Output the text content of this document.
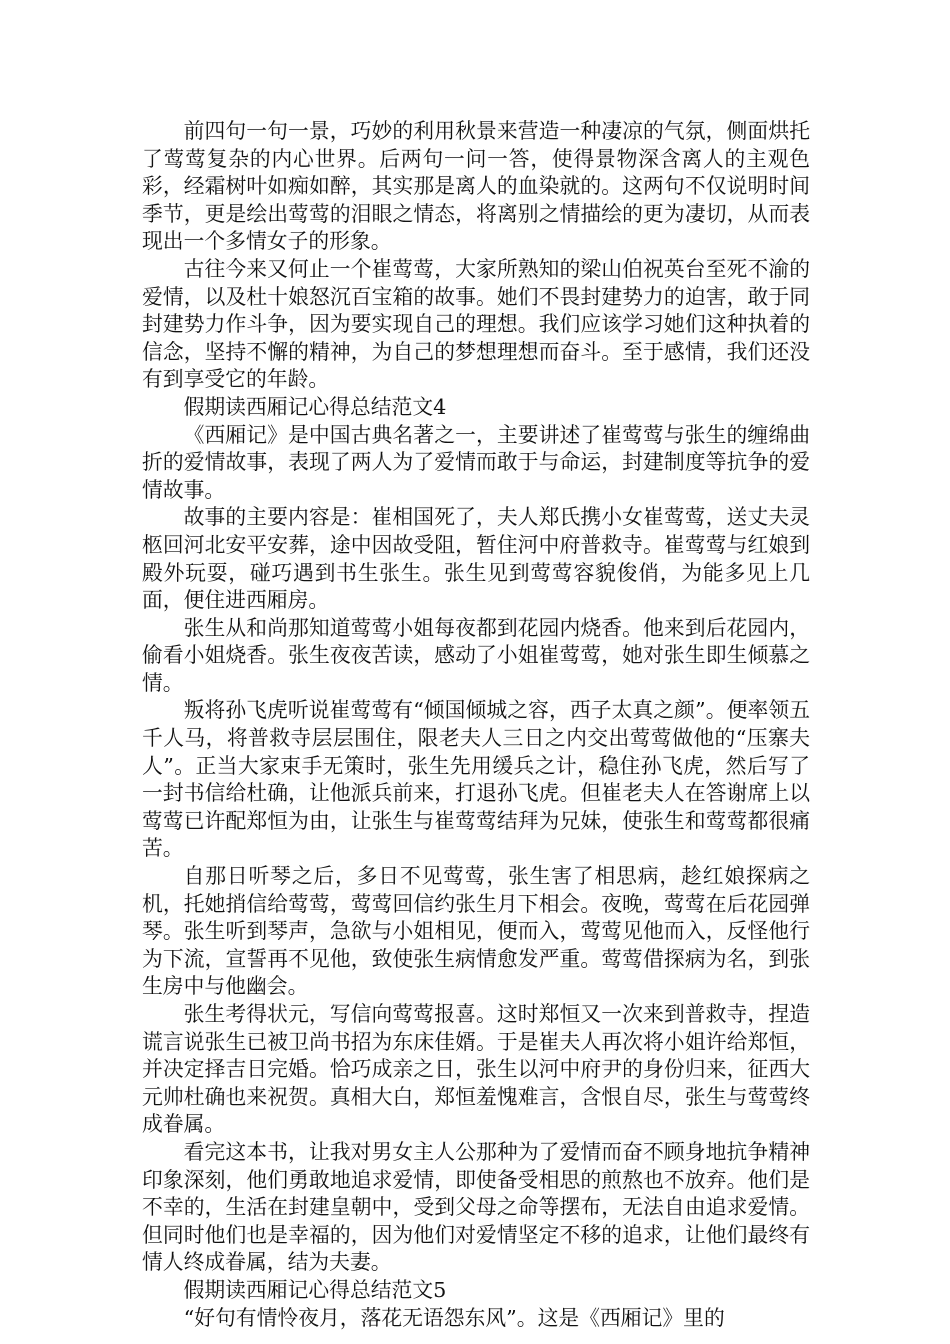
前四句一句一景，巧妙的利用秋景来营造一种凄凉的气氛，侧面烘托了莺莺复杂的内心世界。后两句一问一答，使得景物深含离人的主观色彩，经霜树叶如痴如醉，其实那是离人的血染就的。这两句不仅说明时间季节，更是绘出莺莺的泪眼之情态，将离别之情描绘的更为凄切，从而表现出一个多情女子的形象。

古往今来又何止一个崔莺莺，大家所熟知的梁山伯祝英台至死不渝的爱情，以及杜十娘怒沉百宝箱的故事。她们不畏封建势力的迫害，敢于同封建势力作斗争，因为要实现自己的理想。我们应该学习她们这种执着的信念，坚持不懈的精神，为自己的梦想理想而奋斗。至于感情，我们还没有到享受它的年龄。

假期读西厢记心得总结范文4

《西厢记》是中国古典名著之一，主要讲述了崔莺莺与张生的缠绵曲折的爱情故事，表现了两人为了爱情而敢于与命运，封建制度等抗争的爱情故事。

故事的主要内容是：崔相国死了，夫人郑氏携小女崔莺莺，送丈夫灵柩回河北安平安葬，途中因故受阻，暂住河中府普救寺。崔莺莺与红娘到殿外玩耍，碰巧遇到书生张生。张生见到莺莺容貌俊俏，为能多见上几面，便住进西厢房。

张生从和尚那知道莺莺小姐每夜都到花园内烧香。他来到后花园内，偷看小姐烧香。张生夜夜苦读，感动了小姐崔莺莺，她对张生即生倾慕之情。

叛将孙飞虎听说崔莺莺有“倾国倾城之容，西子太真之颜”。便率领五千人马，将普救寺层层围住，限老夫人三日之内交出莺莺做他的“压寨夫人”。正当大家束手无策时，张生先用缓兵之计，稳住孙飞虎，然后写了一封书信给杜确，让他派兵前来，打退孙飞虎。但崔老夫人在答谢席上以莺莺已许配郑恒为由，让张生与崔莺莺结拜为兄妹，使张生和莺莺都很痛苦。

自那日听琴之后，多日不见莺莺，张生害了相思病，趁红娘探病之机，托她捎信给莺莺，莺莺回信约张生月下相会。夜晚，莺莺在后花园弹琴。张生听到琴声，急欲与小姐相见，便而入，莺莺见他而入，反怪他行为下流，宣誓再不见他，致使张生病情愈发严重。莺莺借探病为名，到张生房中与他幽会。

张生考得状元，写信向莺莺报喜。这时郑恒又一次来到普救寺，捏造谎言说张生已被卫尚书招为东床佳婿。于是崔夫人再次将小姐许给郑恒，并决定择吉日完婚。恰巧成亲之日，张生以河中府尹的身份归来，征西大元帅杜确也来祝贺。真相大白，郑恒羞愧难言，含恨自尽，张生与莺莺终成眷属。

看完这本书，让我对男女主人公那种为了爱情而奋不顾身地抗争精神印象深刻，他们勇敢地追求爱情，即使备受相思的煎熬也不放弃。他们是不幸的，生活在封建皇朝中，受到父母之命等摆布，无法自由追求爱情。但同时他们也是幸福的，因为他们对爱情坚定不移的追求，让他们最终有情人终成眷属，结为夫妻。

假期读西厢记心得总结范文5

“好句有情怜夜月，落花无语怨东风”。这是《西厢记》里的
